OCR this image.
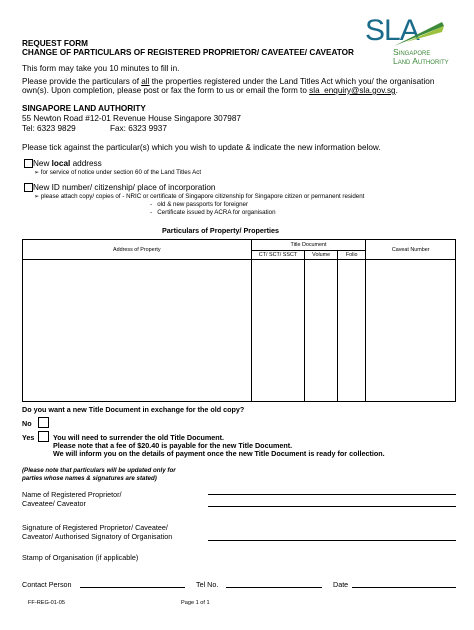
SLA
Singapore
Land Authority
REQUEST FORM
CHANGE OF PARTICULARS OF REGISTERED PROPRIETOR/ CAVEATEE/ CAVEATOR
This form may take you 10 minutes to fill in.
Please provide the particulars of all the properties registered under the Land Titles Act which you/ the organisation
own(s). Upon completion, please post or fax the form to us or email the form to sla_enquiry@sla.gov.sg.
SINGAPORE LAND AUTHORITY
55 Newton Road #12-01 Revenue House Singapore 307987
Tel: 6323 9829	Fax: 6323 9937
Please tick against the particular(s) which you wish to update & indicate the new information below.
New local address
➢ for service of notice under section 60 of the Land Titles Act
New ID number/ citizenship/ place of incorporation
➢ please attach copy/ copies of - NRIC or certificate of Singapore citizenship for Singapore citizen or permanent resident
-   old & new passports for foreigner
-   Certificate issued by ACRA for organisation
Particulars of Property/ Properties
Address of Property	Title Document			Caveat Number
	CT/ SCT/ SSCT	Volume	Folio	

Do you want a new Title Document in exchange for the old copy?
No
Yes	You will need to surrender the old Title Document.
Please note that a fee of $20.40 is payable for the new Title Document.
We will inform you on the details of payment once the new Title Document is ready for collection.
(Please note that particulars will be updated only for
parties whose names & signatures are stated)
Name of Registered Proprietor/
Caveatee/ Caveator
Signature of Registered Proprietor/ Caveatee/
Caveator/ Authorised Signatory of Organisation
Stamp of Organisation (if applicable)
Contact Person	Tel No.	Date
FF-REG-01-05	Page 1 of 1
